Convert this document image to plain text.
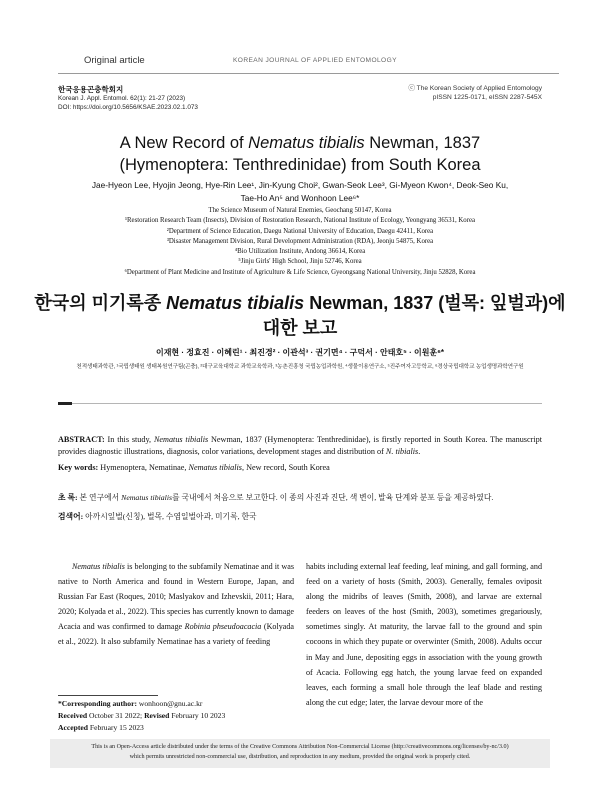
Original article	KOREAN JOURNAL OF APPLIED ENTOMOLOGY
한국응용곤충학회지
Korean J. Appl. Entomol. 62(1): 21-27 (2023)
DOI: https://doi.org/10.5656/KSAE.2023.02.1.073
ⓒ The Korean Society of Applied Entomology
pISSN 1225-0171, eISSN 2287-545X
A New Record of Nematus tibialis Newman, 1837
(Hymenoptera: Tenthredinidae) from South Korea
Jae-Hyeon Lee, Hyojin Jeong, Hye-Rin Lee¹, Jin-Kyung Choi², Gwan-Seok Lee³, Gi-Myeon Kwon⁴, Deok-Seo Ku,
Tae-Ho An⁵ and Wonhoon Lee⁶*
The Science Museum of Natural Enemies, Geochang 50147, Korea
¹Restoration Research Team (Insects), Division of Restoration Research, National Institute of Ecology, Yeongyang 36531, Korea
²Department of Science Education, Daegu National University of Education, Daegu 42411, Korea
³Disaster Management Division, Rural Development Administration (RDA), Jeonju 54875, Korea
⁴Bio Utilization Institute, Andong 36614, Korea
⁵Jinju Girls' High School, Jinju 52746, Korea
⁶Department of Plant Medicine and Institute of Agriculture & Life Science, Gyeongsang National University, Jinju 52828, Korea
한국의 미기록종 Nematus tibialis Newman, 1837 (벌목: 잎벌과)에
대한 보고
이재현 · 정효진 · 이혜린¹ · 최진경² · 이관석³ · 권기면⁴ · 구덕서 · 안태호⁵ · 이원훈⁶*
천적생태과학관, ¹국립생태원 생태복원연구팀(곤충), ²대구교육대학교 과학교육학과, ³농촌진흥청 국립농업과학원, ⁴생물이용연구소, ⁵진주여자고등학교, ⁶경상국립대학교 농업생명과학연구원
ABSTRACT: In this study, Nematus tibialis Newman, 1837 (Hymenoptera: Tenthredinidae), is firstly reported in South Korea. The manuscript provides diagnostic illustrations, diagnosis, color variations, development stages and distribution of N. tibialis.
Key words: Hymenoptera, Nematinae, Nematus tibialis, New record, South Korea
초 록: 본 연구에서 Nematus tibialis를 국내에서 처음으로 보고한다. 이 종의 사진과 진단, 색 변이, 발육 단계와 분포 등을 제공하였다.
검색어: 아까시잎벌(신칭), 벌목, 수염일벌아과, 미기록, 한국

Nematus tibialis is belonging to the subfamily Nematinae and it was native to North America and found in Western Europe, Japan, and Russian Far East (Roques, 2010; Maslyakov and Izhevskii, 2011; Hara, 2020; Kolyada et al., 2022). This species has currently known to damage Acacia and was confirmed to damage Robinia phseudoacacia (Kolyada et al., 2022). It also subfamily Nematinae has a variety of feeding

habits including external leaf feeding, leaf mining, and gall forming, and feed on a variety of hosts (Smith, 2003). Generally, females oviposit along the midribs of leaves (Smith, 2008), and larvae are external feeders on leaves of the host (Smith, 2003), sometimes gregariously, sometimes singly. At maturity, the larvae fall to the ground and spin cocoons in which they pupate or overwinter (Smith, 2008). Adults occur in May and June, depositing eggs in association with the young growth of Acacia. Following egg hatch, the young larvae feed on expanded leaves, each forming a small hole through the leaf blade and resting along the cut edge; later, the larvae devour more of the

*Corresponding author: wonhoon@gnu.ac.kr
Received October 31 2022; Revised February 10 2023
Accepted February 15 2023
This is an Open-Access article distributed under the terms of the Creative Commons Attribution Non-Commercial License (http://creativecommons.org/licenses/by-nc/3.0)
which permits unrestricted non-commercial use, distribution, and reproduction in any medium, provided the original work is properly cited.
